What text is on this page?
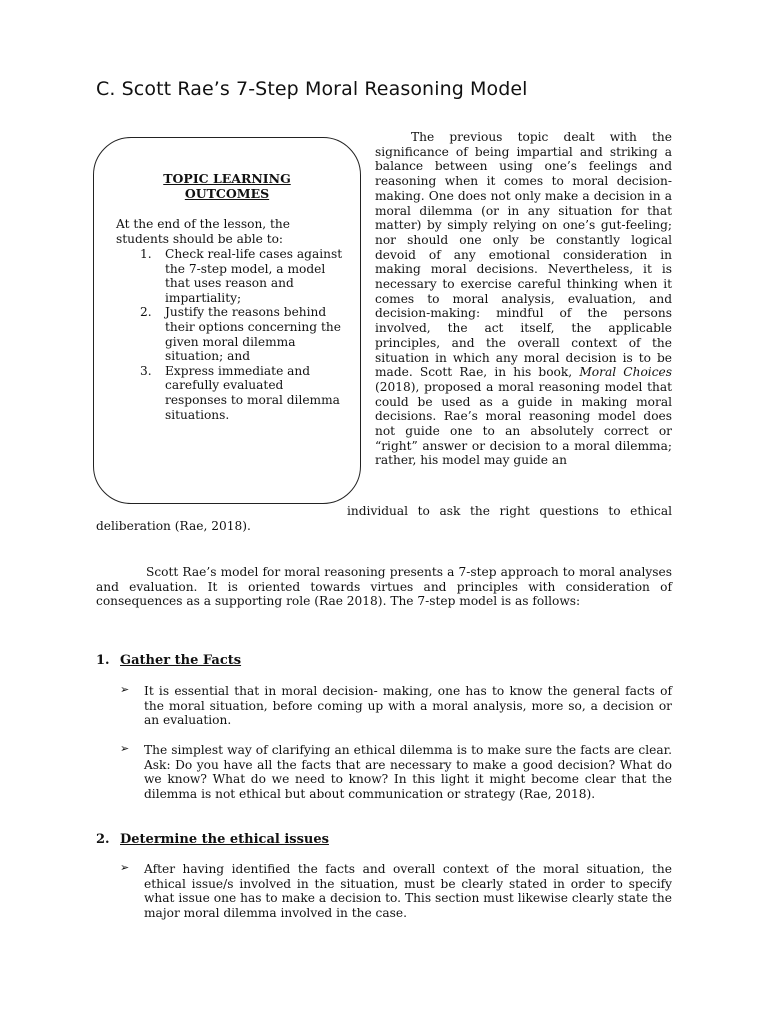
C. Scott Rae’s 7-Step Moral Reasoning Model
TOPIC LEARNING
OUTCOMES
At the end of the lesson, the students should be able to:
1. Check real-life cases against the 7-step model, a model that uses reason and impartiality;
2. Justify the reasons behind their options concerning the given moral dilemma situation; and
3. Express immediate and carefully evaluated responses to moral dilemma situations.
The previous topic dealt with the significance of being impartial and striking a balance between using one’s feelings and reasoning when it comes to moral decision-making. One does not only make a decision in a moral dilemma (or in any situation for that matter) by simply relying on one’s gut-feeling; nor should one only be constantly logical devoid of any emotional consideration in making moral decisions. Nevertheless, it is necessary to exercise careful thinking when it comes to moral analysis, evaluation, and decision-making: mindful of the persons involved, the act itself, the applicable principles, and the overall context of the situation in which any moral decision is to be made. Scott Rae, in his book, Moral Choices (2018), proposed a moral reasoning model that could be used as a guide in making moral decisions. Rae’s moral reasoning model does not guide one to an absolutely correct or “right” answer or decision to a moral dilemma; rather, his model may guide an
individual to ask the right questions to ethical
deliberation (Rae, 2018).
Scott Rae’s model for moral reasoning presents a 7-step approach to moral analyses and evaluation. It is oriented towards virtues and principles with consideration of consequences as a supporting role (Rae 2018). The 7-step model is as follows:
1. Gather the Facts
➢ It is essential that in moral decision- making, one has to know the general facts of the moral situation, before coming up with a moral analysis, more so, a decision or an evaluation.
➢ The simplest way of clarifying an ethical dilemma is to make sure the facts are clear. Ask: Do you have all the facts that are necessary to make a good decision? What do we know? What do we need to know? In this light it might become clear that the dilemma is not ethical but about communication or strategy (Rae, 2018).
2. Determine the ethical issues
➢ After having identified the facts and overall context of the moral situation, the ethical issue/s involved in the situation, must be clearly stated in order to specify what issue one has to make a decision to. This section must likewise clearly state the major moral dilemma involved in the case.
